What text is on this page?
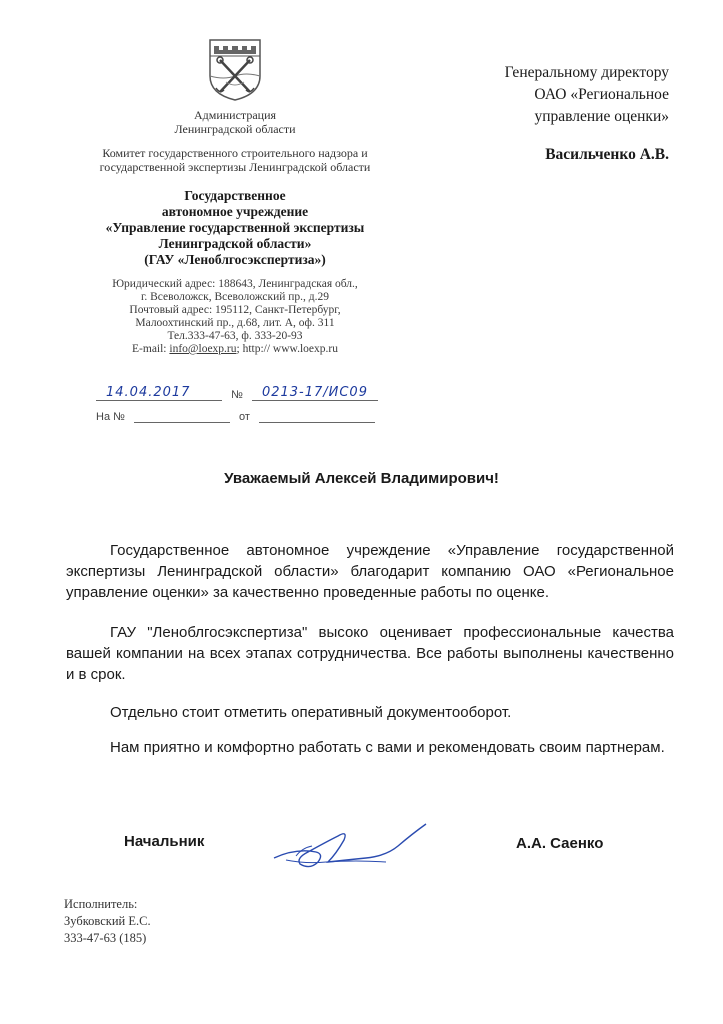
Администрация
Ленинградской области
Комитет государственного строительного надзора и
государственной экспертизы Ленинградской области
Государственное
автономное учреждение
«Управление государственной экспертизы
Ленинградской области»
(ГАУ «Леноблгосэкспертиза»)
Юридический адрес: 188643, Ленинградская обл.,
г. Всеволожск, Всеволожский пр., д.29
Почтовый адрес: 195112, Санкт-Петербург,
Малоохтинский пр., д.68, лит. А, оф. 311
Тел.333-47-63, ф. 333-20-93
E-mail: info@loexp.ru; http:// www.loexp.ru
14.04.2017	№ 0213-17/ИС09
На №	от
Генеральному директору
ОАО «Региональное
управление оценки»
Васильченко А.В.
Уважаемый Алексей Владимирович!
Государственное автономное учреждение «Управление государственной экспертизы Ленинградской области» благодарит компанию ОАО «Региональное управление оценки» за качественно проведенные работы по оценке.
ГАУ "Леноблгосэкспертиза" высоко оценивает профессиональные качества вашей компании на всех этапах сотрудничества. Все работы выполнены качественно и в срок.
Отдельно стоит отметить оперативный документооборот.
Нам приятно и комфортно работать с вами и рекомендовать своим партнерам.
Начальник	А.А. Саенко
Исполнитель:
Зубковский Е.С.
333-47-63 (185)
